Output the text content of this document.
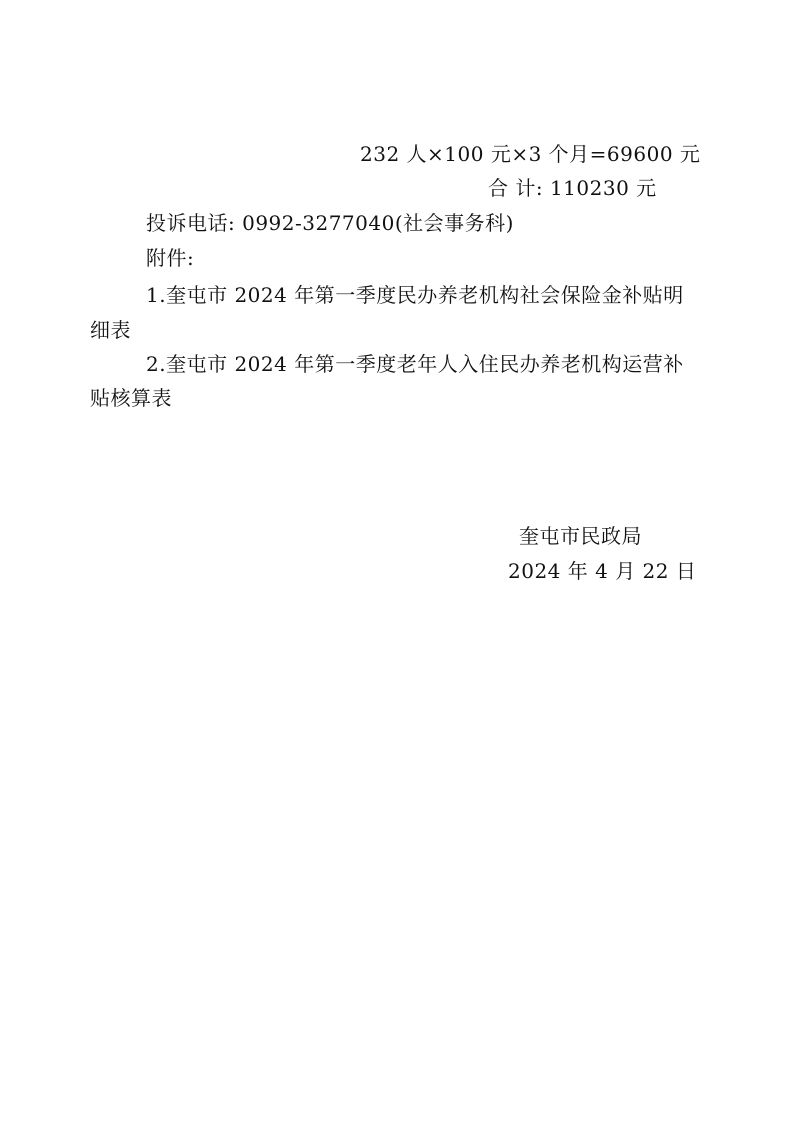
232 人×100 元×3 个月=69600 元
合 计: 110230 元
投诉电话: 0992-3277040(社会事务科)
附件:
1.奎屯市 2024 年第一季度民办养老机构社会保险金补贴明
细表
2.奎屯市 2024 年第一季度老年人入住民办养老机构运营补
贴核算表
奎屯市民政局
2024 年 4 月 22 日
